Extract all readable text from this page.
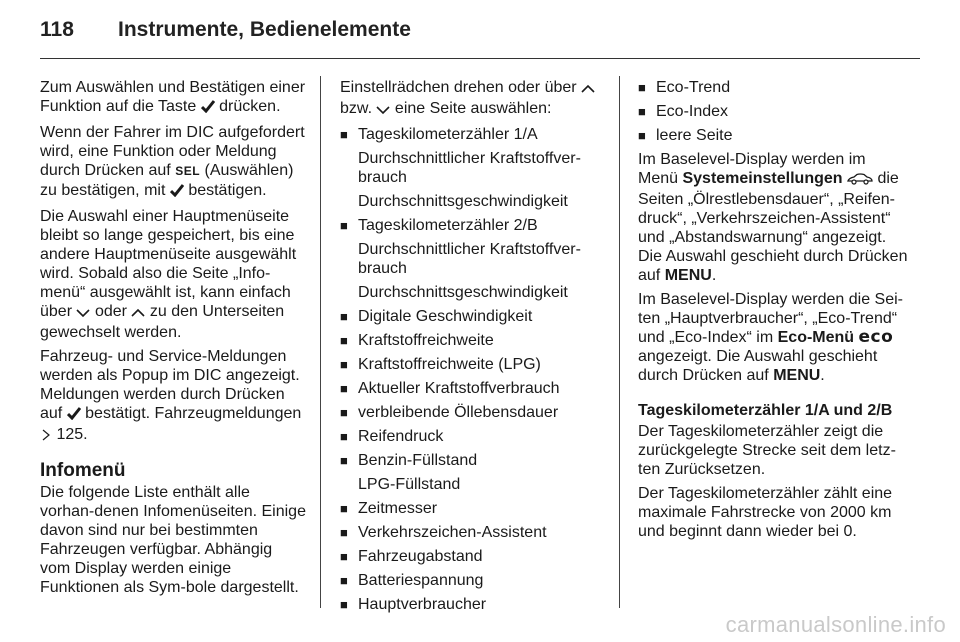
118	Instrumente, Bedienelemente

Zum Auswählen und Bestätigen einer Funktion auf die Taste drücken.

Wenn der Fahrer im DIC aufgefordert wird, eine Funktion oder Meldung durch Drücken auf SEL (Auswählen) zu bestätigen, mit bestätigen.

Die Auswahl einer Hauptmenüseite bleibt so lange gespeichert, bis eine andere Hauptmenüseite ausgewählt wird. Sobald also die Seite „Info-menü“ ausgewählt ist, kann einfach über oder zu den Unterseiten gewechselt werden.

Fahrzeug- und Service-Meldungen werden als Popup im DIC angezeigt. Meldungen werden durch Drücken auf bestätigt. Fahrzeugmeldungen  125.

Infomenü

Die folgende Liste enthält alle vorhan-denen Infomenüseiten. Einige davon sind nur bei bestimmten Fahrzeugen verfügbar. Abhängig vom Display werden einige Funktionen als Sym-bole dargestellt.

Einstellrädchen drehen oder über  bzw. eine Seite auswählen:

■ Tageskilometerzähler 1/A
Durchschnittlicher Kraftstoffver-brauch
Durchschnittsgeschwindigkeit
■ Tageskilometerzähler 2/B
Durchschnittlicher Kraftstoffver-brauch
Durchschnittsgeschwindigkeit
■ Digitale Geschwindigkeit
■ Kraftstoffreichweite
■ Kraftstoffreichweite (LPG)
■ Aktueller Kraftstoffverbrauch
■ verbleibende Öllebensdauer
■ Reifendruck
■ Benzin-Füllstand
LPG-Füllstand
■ Zeitmesser
■ Verkehrszeichen-Assistent
■ Fahrzeugabstand
■ Batteriespannung
■ Hauptverbraucher
■ Eco-Trend
■ Eco-Index
■ leere Seite

Im Baselevel-Display werden im Menü Systemeinstellungen die Seiten „Ölrestlebensdauer“, „Reifen-druck“, „Verkehrszeichen-Assistent“ und „Abstandswarnung“ angezeigt. Die Auswahl geschieht durch Drücken auf MENU.

Im Baselevel-Display werden die Sei-ten „Hauptverbraucher“, „Eco-Trend“ und „Eco-Index“ im Eco-Menü eco angezeigt. Die Auswahl geschieht durch Drücken auf MENU.

Tageskilometerzähler 1/A und 2/B

Der Tageskilometerzähler zeigt die zurückgelegte Strecke seit dem letz-ten Zurücksetzen.

Der Tageskilometerzähler zählt eine maximale Fahrstrecke von 2000 km und beginnt dann wieder bei 0.

carmanualsonline.info
